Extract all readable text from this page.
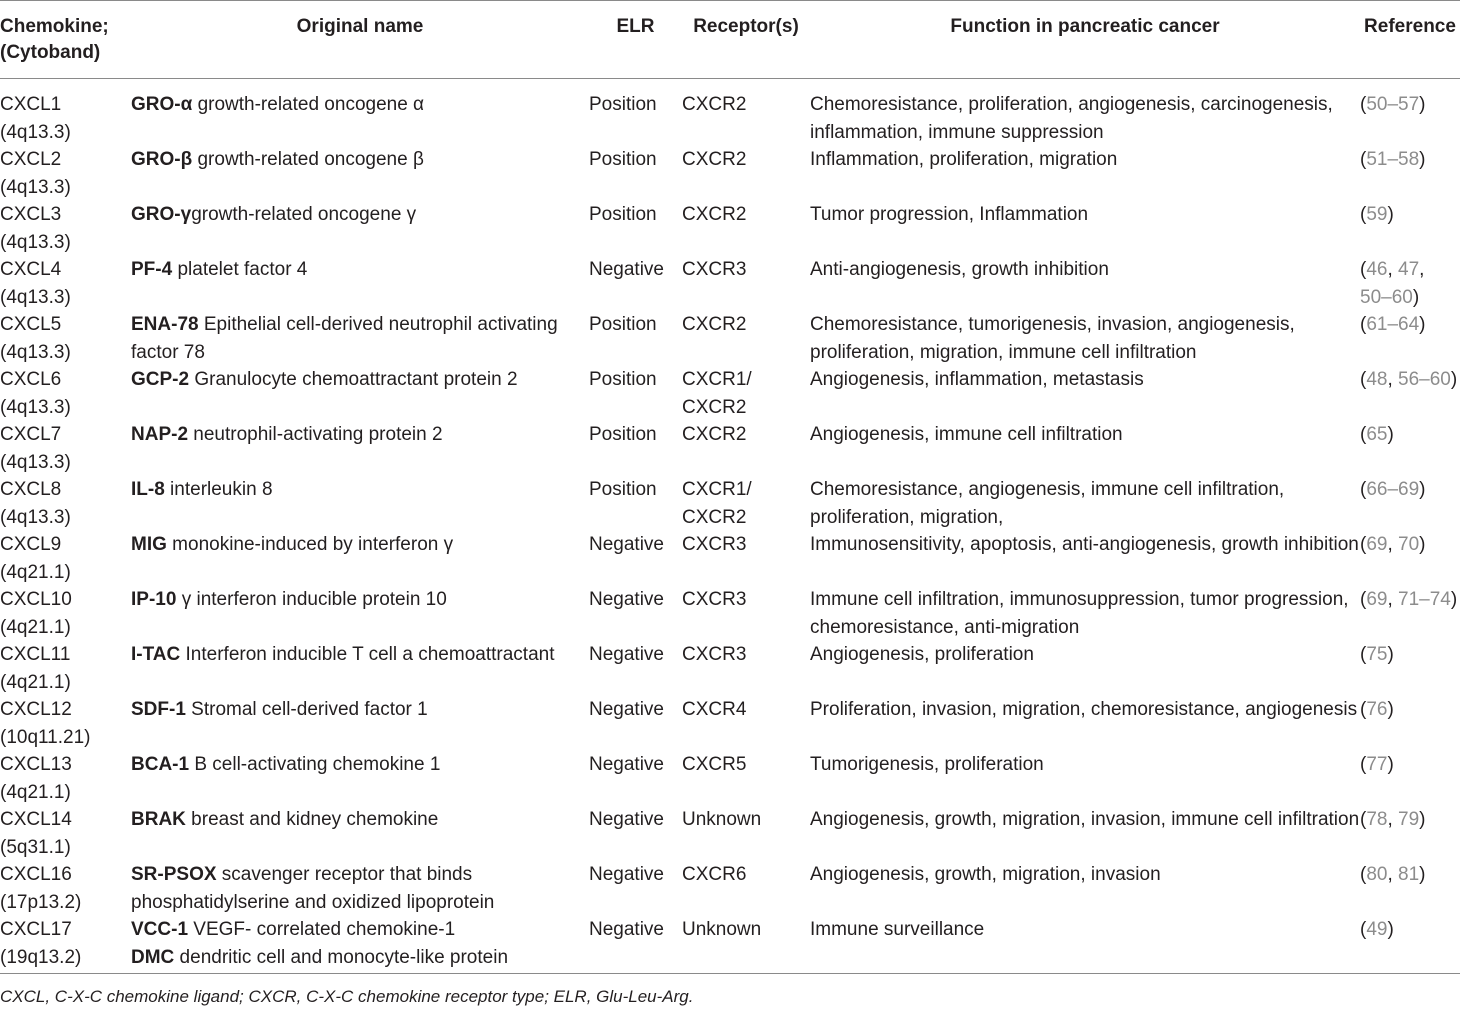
Chemokine;
(Cytoband)	Original name	ELR	Receptor(s)	Function in pancreatic cancer	Reference
CXCL1
(4q13.3)	GRO-α growth-related oncogene α	Position	CXCR2	Chemoresistance, proliferation, angiogenesis, carcinogenesis, inflammation, immune suppression	(50–57)
CXCL2
(4q13.3)	GRO-β growth-related oncogene β	Position	CXCR2	Inflammation, proliferation, migration	(51–58)
CXCL3
(4q13.3)	GRO-γgrowth-related oncogene γ	Position	CXCR2	Tumor progression, Inflammation	(59)
CXCL4
(4q13.3)	PF-4 platelet factor 4	Negative	CXCR3	Anti-angiogenesis, growth inhibition	(46, 47,
50–60)
CXCL5
(4q13.3)	ENA-78 Epithelial cell-derived neutrophil activating factor 78	Position	CXCR2	Chemoresistance, tumorigenesis, invasion, angiogenesis, proliferation, migration, immune cell infiltration	(61–64)
CXCL6
(4q13.3)	GCP-2 Granulocyte chemoattractant protein 2	Position	CXCR1/ CXCR2	Angiogenesis, inflammation, metastasis	(48, 56–60)
CXCL7
(4q13.3)	NAP-2 neutrophil-activating protein 2	Position	CXCR2	Angiogenesis, immune cell infiltration	(65)
CXCL8
(4q13.3)	IL-8 interleukin 8	Position	CXCR1/ CXCR2	Chemoresistance, angiogenesis, immune cell infiltration, proliferation, migration,	(66–69)
CXCL9
(4q21.1)	MIG monokine-induced by interferon γ	Negative	CXCR3	Immunosensitivity, apoptosis, anti-angiogenesis, growth inhibition	(69, 70)
CXCL10
(4q21.1)	IP-10 γ interferon inducible protein 10	Negative	CXCR3	Immune cell infiltration, immunosuppression, tumor progression, chemoresistance, anti-migration	(69, 71–74)
CXCL11
(4q21.1)	I-TAC Interferon inducible T cell a chemoattractant	Negative	CXCR3	Angiogenesis, proliferation	(75)
CXCL12
(10q11.21)	SDF-1 Stromal cell-derived factor 1	Negative	CXCR4	Proliferation, invasion, migration, chemoresistance, angiogenesis	(76)
CXCL13
(4q21.1)	BCA-1 B cell-activating chemokine 1	Negative	CXCR5	Tumorigenesis, proliferation	(77)
CXCL14
(5q31.1)	BRAK breast and kidney chemokine	Negative	Unknown	Angiogenesis, growth, migration, invasion, immune cell infiltration	(78, 79)
CXCL16
(17p13.2)	SR-PSOX scavenger receptor that binds phosphatidylserine and oxidized lipoprotein	Negative	CXCR6	Angiogenesis, growth, migration, invasion	(80, 81)
CXCL17
(19q13.2)	VCC-1 VEGF- correlated chemokine-1
DMC dendritic cell and monocyte-like protein	Negative	Unknown	Immune surveillance	(49)
CXCL, C-X-C chemokine ligand; CXCR, C-X-C chemokine receptor type; ELR, Glu-Leu-Arg.
